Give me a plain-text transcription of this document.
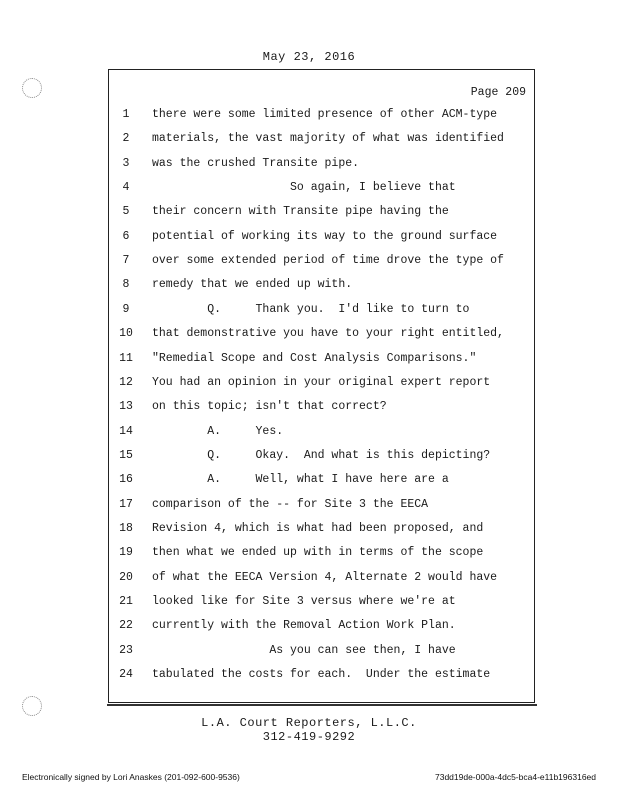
May 23, 2016
Page 209
1	there were some limited presence of other ACM-type
2	materials, the vast majority of what was identified
3	was the crushed Transite pipe.
4	So again, I believe that
5	their concern with Transite pipe having the
6	potential of working its way to the ground surface
7	over some extended period of time drove the type of
8	remedy that we ended up with.
9	Q.     Thank you.  I'd like to turn to
10 that demonstrative you have to your right entitled,
11 "Remedial Scope and Cost Analysis Comparisons."
12 You had an opinion in your original expert report
13 on this topic; isn't that correct?
14 A.     Yes.
15 Q.     Okay.  And what is this depicting?
16 A.     Well, what I have here are a
17 comparison of the -- for Site 3 the EECA
18 Revision 4, which is what had been proposed, and
19 then what we ended up with in terms of the scope
20 of what the EECA Version 4, Alternate 2 would have
21 looked like for Site 3 versus where we're at
22 currently with the Removal Action Work Plan.
23 As you can see then, I have
24 tabulated the costs for each.  Under the estimate
L.A. Court Reporters, L.L.C.
312-419-9292
Electronically signed by Lori Anaskes (201-092-600-9536)	73dd19de-000a-4dc5-bca4-e11b196316ed
